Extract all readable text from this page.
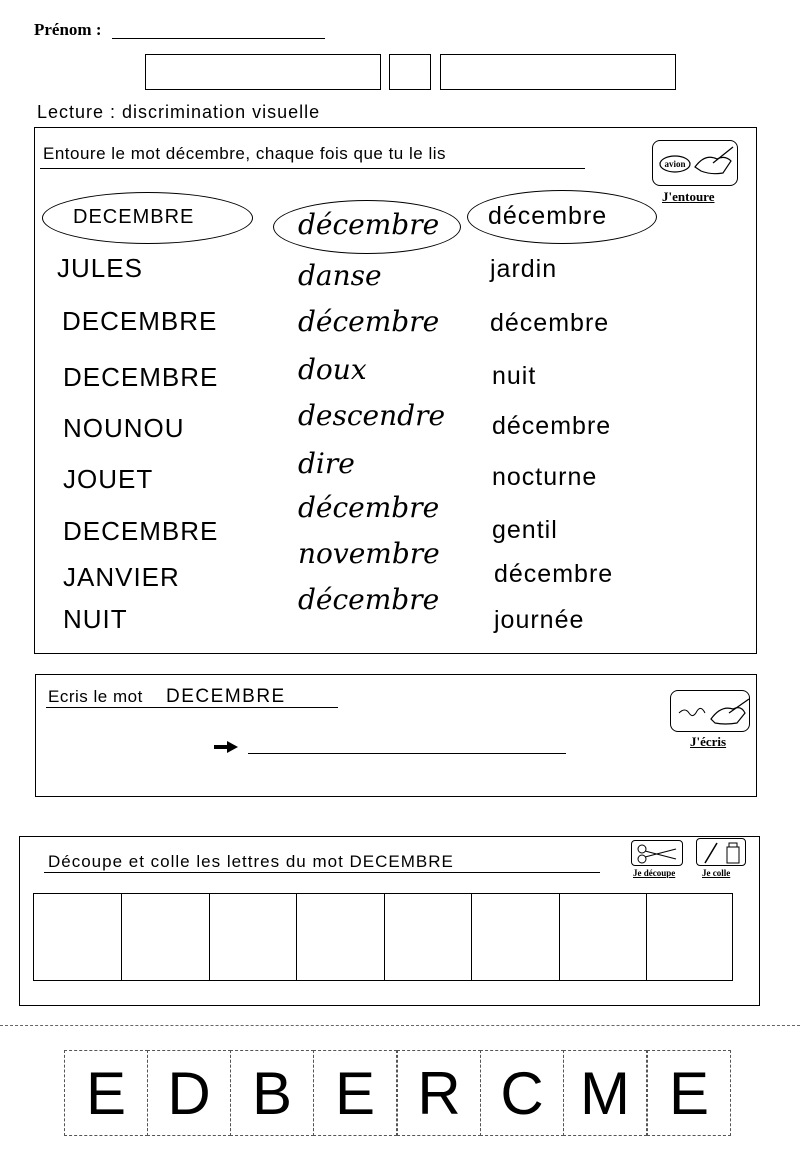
Prénom :
Lecture : discrimination visuelle
Entoure le mot décembre, chaque fois que tu le lis
avion
J'entoure
DECEMBRE
JULES
DECEMBRE
DECEMBRE
NOUNOU
JOUET
DECEMBRE
JANVIER
NUIT
décembre
danse
décembre
doux
descendre
dire
décembre
novembre
décembre
décembre
jardin
décembre
nuit
décembre
nocturne
gentil
décembre
journée
Ecris le mot DECEMBRE
J'écris
Découpe et colle les lettres du mot DECEMBRE
Je découpe	Je colle
E D B E R C M E
